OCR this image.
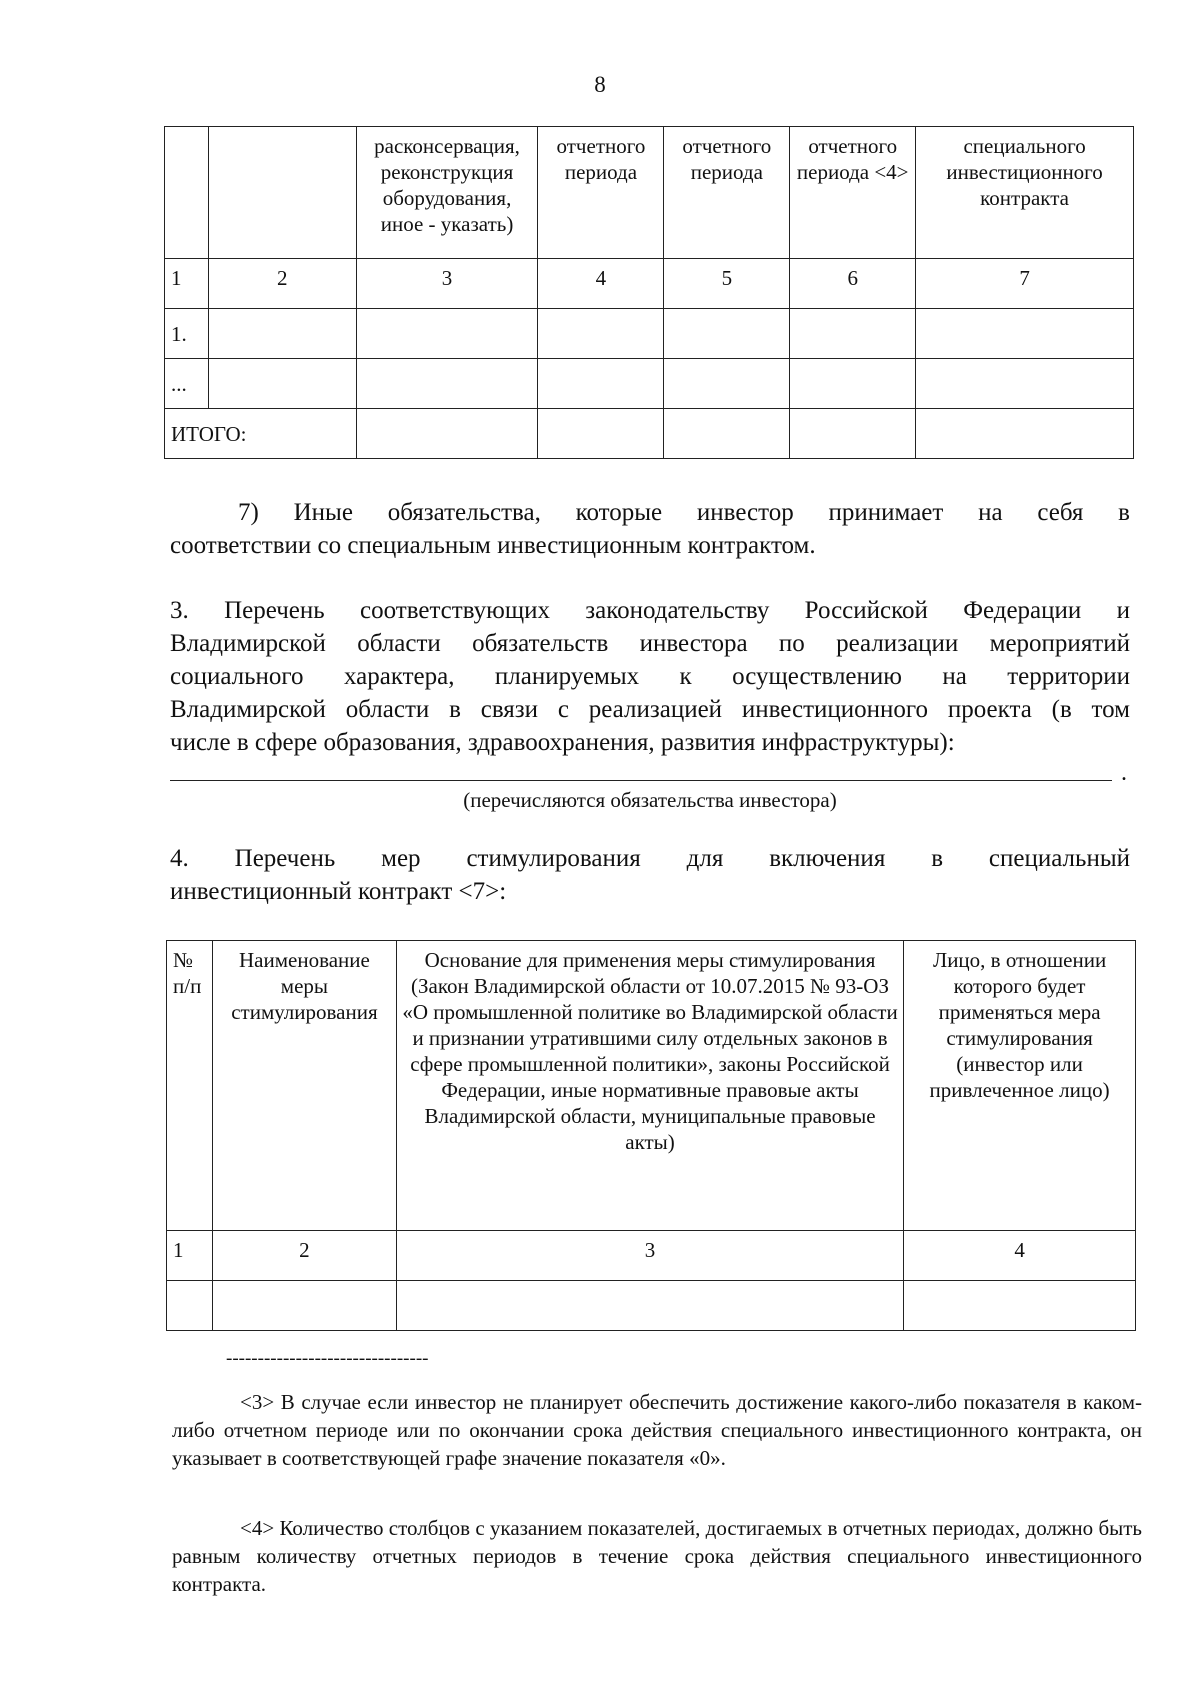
8
		расконсервация, реконструкция оборудования, иное - указать)	отчетного периода	отчетного периода	отчетного периода <4>	специального инвестиционного контракта
1	2	3	4	5	6	7
1.						
...						
ИТОГО:						
7) Иные обязательства, которые инвестор принимает на себя в
соответствии со специальным инвестиционным контрактом.
3. Перечень соответствующих законодательству Российской Федерации и
Владимирской области обязательств инвестора по реализации мероприятий
социального характера, планируемых к осуществлению на территории
Владимирской области в связи с реализацией инвестиционного проекта (в том
числе в сфере образования, здравоохранения, развития инфраструктуры):
.
(перечисляются обязательства инвестора)
4. Перечень мер стимулирования для включения в специальный
инвестиционный контракт <7>:
№ п/п	Наименование меры стимулирования	Основание для применения меры стимулирования (Закон Владимирской области от 10.07.2015 № 93-ОЗ «О промышленной политике во Владимирской области и признании утратившими силу отдельных законов в сфере промышленной политики», законы Российской Федерации, иные нормативные правовые акты Владимирской области, муниципальные правовые акты)	Лицо, в отношении которого будет применяться мера стимулирования (инвестор или привлеченное лицо)
1	2	3	4

--------------------------------
<3> В случае если инвестор не планирует обеспечить достижение какого-либо показателя в каком-либо отчетном периоде или по окончании срока действия специального инвестиционного контракта, он указывает в соответствующей графе значение показателя «0».
<4> Количество столбцов с указанием показателей, достигаемых в отчетных периодах, должно быть равным количеству отчетных периодов в течение срока действия специального инвестиционного контракта.
